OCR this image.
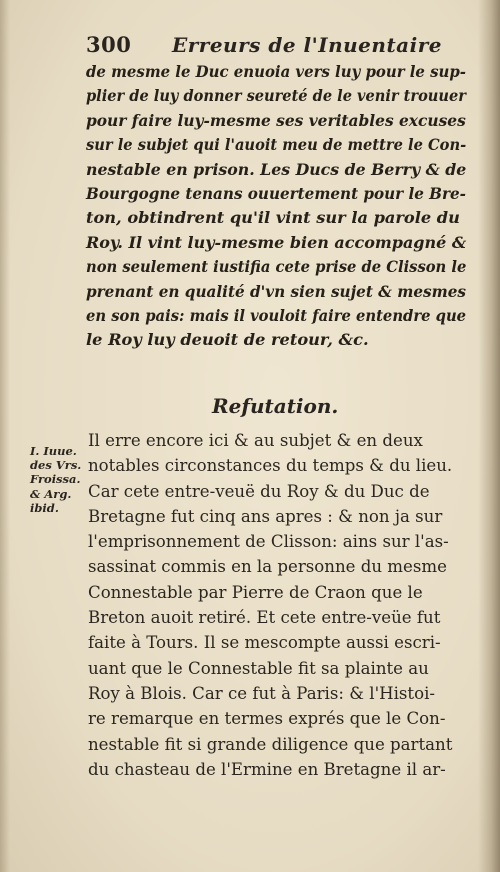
300 Erreurs de l'Inuentaire
de mesme le Duc enuoia vers luy pour le sup-
plier de luy donner seureté de le venir trouuer
pour faire luy-mesme ses veritables excuses
sur le subjet qui l'auoit meu de mettre le Con-
nestable en prison. Les Ducs de Berry & de
Bourgogne tenans ouuertement pour le Bre-
ton, obtindrent qu'il vint sur la parole du
Roy. Il vint luy-mesme bien accompagné &
non seulement iustifia cete prise de Clisson le
prenant en qualité d'vn sien sujet & mesmes
en son pais: mais il vouloit faire entendre que
le Roy luy deuoit de retour, &c.
Refutation.
I. Iuue.
des Vrs.
Froissa.
& Arg.
ibid.
Il erre encore ici & au subjet & en deux
notables circonstances du temps & du lieu.
Car cete entre-veuë du Roy & du Duc de
Bretagne fut cinq ans apres : & non ja sur
l'emprisonnement de Clisson: ains sur l'as-
sassinat commis en la personne du mesme
Connestable par Pierre de Craon que le
Breton auoit retiré. Et cete entre-veüe fut
faite à Tours. Il se mescompte aussi escri-
uant que le Connestable fit sa plainte au
Roy à Blois. Car ce fut à Paris: & l'Histoi-
re remarque en termes exprés que le Con-
nestable fit si grande diligence que partant
du chasteau de l'Ermine en Bretagne il ar-
